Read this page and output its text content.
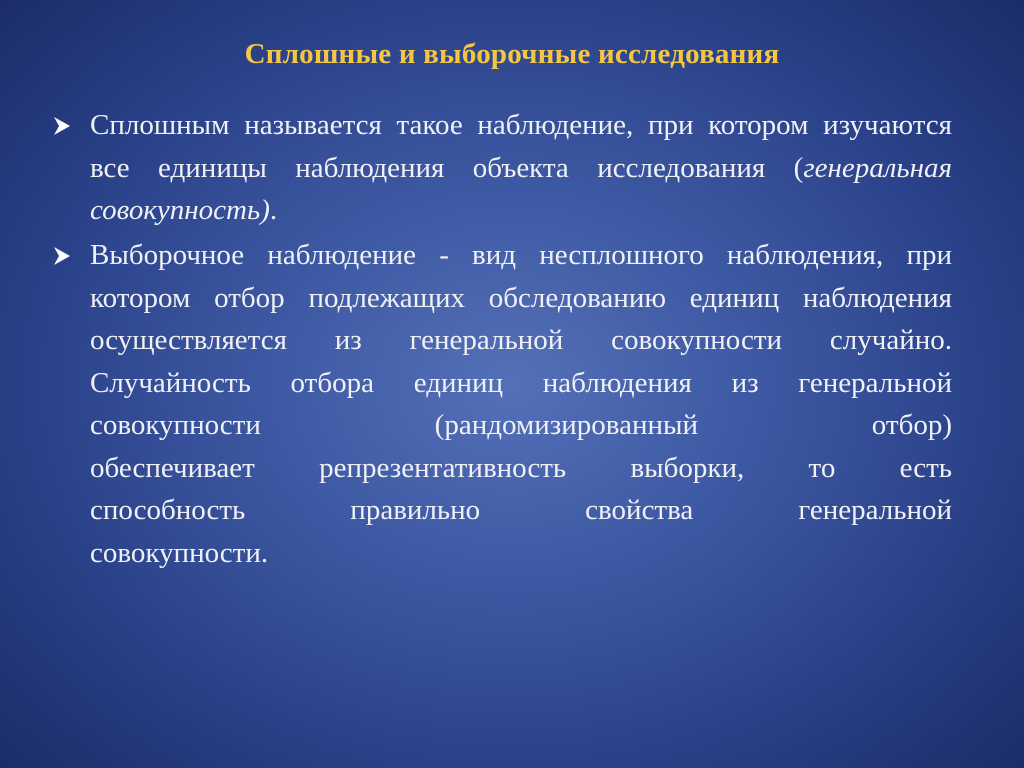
Сплошные и выборочные исследования
Сплошным называется такое наблюдение, при котором изучаются все единицы наблюдения объекта исследования (генеральная совокупность).
Выборочное наблюдение - вид несплошного наблюдения, при котором отбор подлежащих обследованию единиц наблюдения осуществляется из генеральной совокупности случайно. Случайность отбора единиц наблюдения из генеральной совокупности (рандомизированный отбор)
обеспечивает репрезентативность выборки, то есть
способность правильно свойства генеральной
совокупности.
